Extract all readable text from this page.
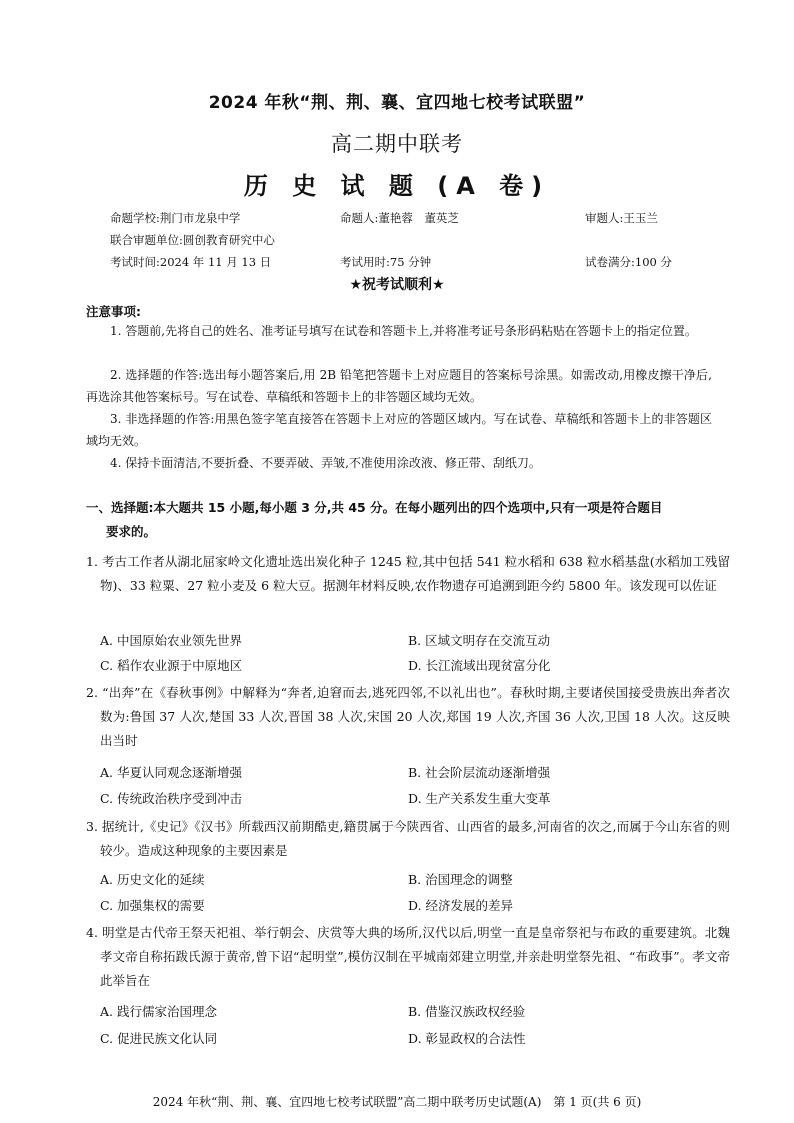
2024 年秋“荆、荆、襄、宜四地七校考试联盟”
高二期中联考
历 史 试 题 (A 卷)
命题学校:荆门市龙泉中学	命题人:董艳蓉　董英芝	审题人:王玉兰
联合审题单位:圆创教育研究中心
考试时间:2024 年 11 月 13 日	考试用时:75 分钟	试卷满分:100 分
★祝考试顺利★
注意事项:
1. 答题前,先将自己的姓名、准考证号填写在试卷和答题卡上,并将准考证号条形码粘贴在答题卡上的指定位置。
2. 选择题的作答:选出每小题答案后,用 2B 铅笔把答题卡上对应题目的答案标号涂黑。如需改动,用橡皮擦干净后,再选涂其他答案标号。写在试卷、草稿纸和答题卡上的非答题区域均无效。
3. 非选择题的作答:用黑色签字笔直接答在答题卡上对应的答题区域内。写在试卷、草稿纸和答题卡上的非答题区域均无效。
4. 保持卡面清洁,不要折叠、不要弄破、弄皱,不准使用涂改液、修正带、刮纸刀。
一、选择题:本大题共 15 小题,每小题 3 分,共 45 分。在每小题列出的四个选项中,只有一项是符合题目
要求的。
1. 考古工作者从湖北屈家岭文化遗址选出炭化种子 1245 粒,其中包括 541 粒水稻和 638 粒水稻基盘(水稻加工残留物)、33 粒粟、27 粒小麦及 6 粒大豆。据测年材料反映,农作物遗存可追溯到距今约 5800 年。该发现可以佐证
A. 中国原始农业领先世界	B. 区域文明存在交流互动
C. 稻作农业源于中原地区	D. 长江流域出现贫富分化
2. “出奔”在《春秋事例》中解释为“奔者,迫窘而去,逃死四邻,不以礼出也”。春秋时期,主要诸侯国接受贵族出奔者次数为:鲁国 37 人次,楚国 33 人次,晋国 38 人次,宋国 20 人次,郑国 19 人次,齐国 36 人次,卫国 18 人次。这反映出当时
A. 华夏认同观念逐渐增强	B. 社会阶层流动逐渐增强
C. 传统政治秩序受到冲击	D. 生产关系发生重大变革
3. 据统计,《史记》《汉书》所载西汉前期酷吏,籍贯属于今陕西省、山西省的最多,河南省的次之,而属于今山东省的则较少。造成这种现象的主要因素是
A. 历史文化的延续	B. 治国理念的调整
C. 加强集权的需要	D. 经济发展的差异
4. 明堂是古代帝王祭天祀祖、举行朝会、庆赏等大典的场所,汉代以后,明堂一直是皇帝祭祀与布政的重要建筑。北魏孝文帝自称拓跋氏源于黄帝,曾下诏“起明堂”,模仿汉制在平城南郊建立明堂,并亲赴明堂祭先祖、“布政事”。孝文帝此举旨在
A. 践行儒家治国理念	B. 借鉴汉族政权经验
C. 促进民族文化认同	D. 彰显政权的合法性
2024 年秋“荆、荆、襄、宜四地七校考试联盟”高二期中联考历史试题(A)　第 1 页(共 6 页)
